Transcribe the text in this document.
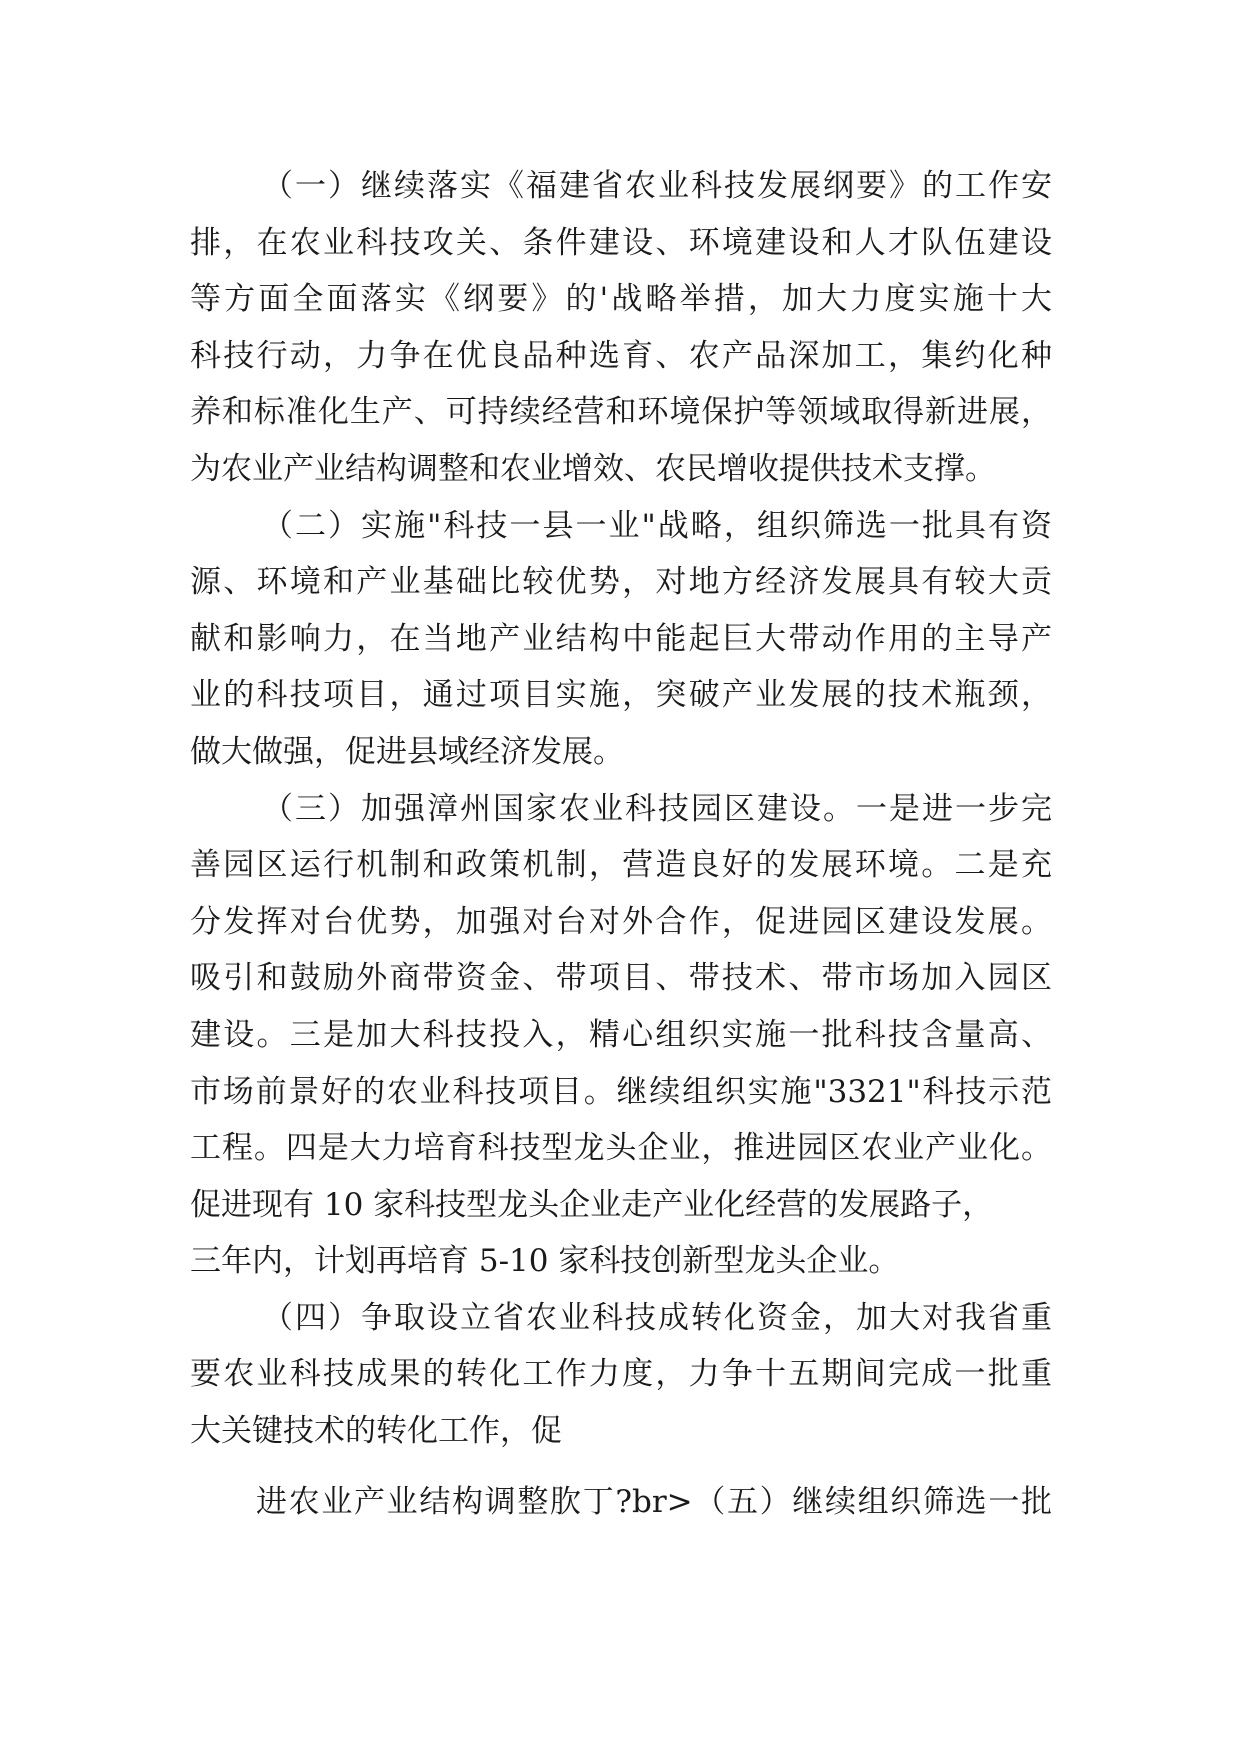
（一）继续落实《福建省农业科技发展纲要》的工作安
排，在农业科技攻关、条件建设、环境建设和人才队伍建设
等方面全面落实《纲要》的'战略举措，加大力度实施十大
科技行动，力争在优良品种选育、农产品深加工，集约化种
养和标准化生产、可持续经营和环境保护等领域取得新进展，
为农业产业结构调整和农业增效、农民增收提供技术支撑。
（二）实施"科技一县一业"战略，组织筛选一批具有资
源、环境和产业基础比较优势，对地方经济发展具有较大贡
献和影响力，在当地产业结构中能起巨大带动作用的主导产
业的科技项目，通过项目实施，突破产业发展的技术瓶颈，
做大做强，促进县域经济发展。
（三）加强漳州国家农业科技园区建设。一是进一步完
善园区运行机制和政策机制，营造良好的发展环境。二是充
分发挥对台优势，加强对台对外合作，促进园区建设发展。
吸引和鼓励外商带资金、带项目、带技术、带市场加入园区
建设。三是加大科技投入，精心组织实施一批科技含量高、
市场前景好的农业科技项目。继续组织实施"3321"科技示范
工程。四是大力培育科技型龙头企业，推进园区农业产业化。
促进现有 10 家科技型龙头企业走产业化经营的发展路子，
三年内，计划再培育 5-10 家科技创新型龙头企业。
（四）争取设立省农业科技成转化资金，加大对我省重
要农业科技成果的转化工作力度，力争十五期间完成一批重
大关键技术的转化工作，促
进农业产业结构调整肷丁?br>（五）继续组织筛选一批
